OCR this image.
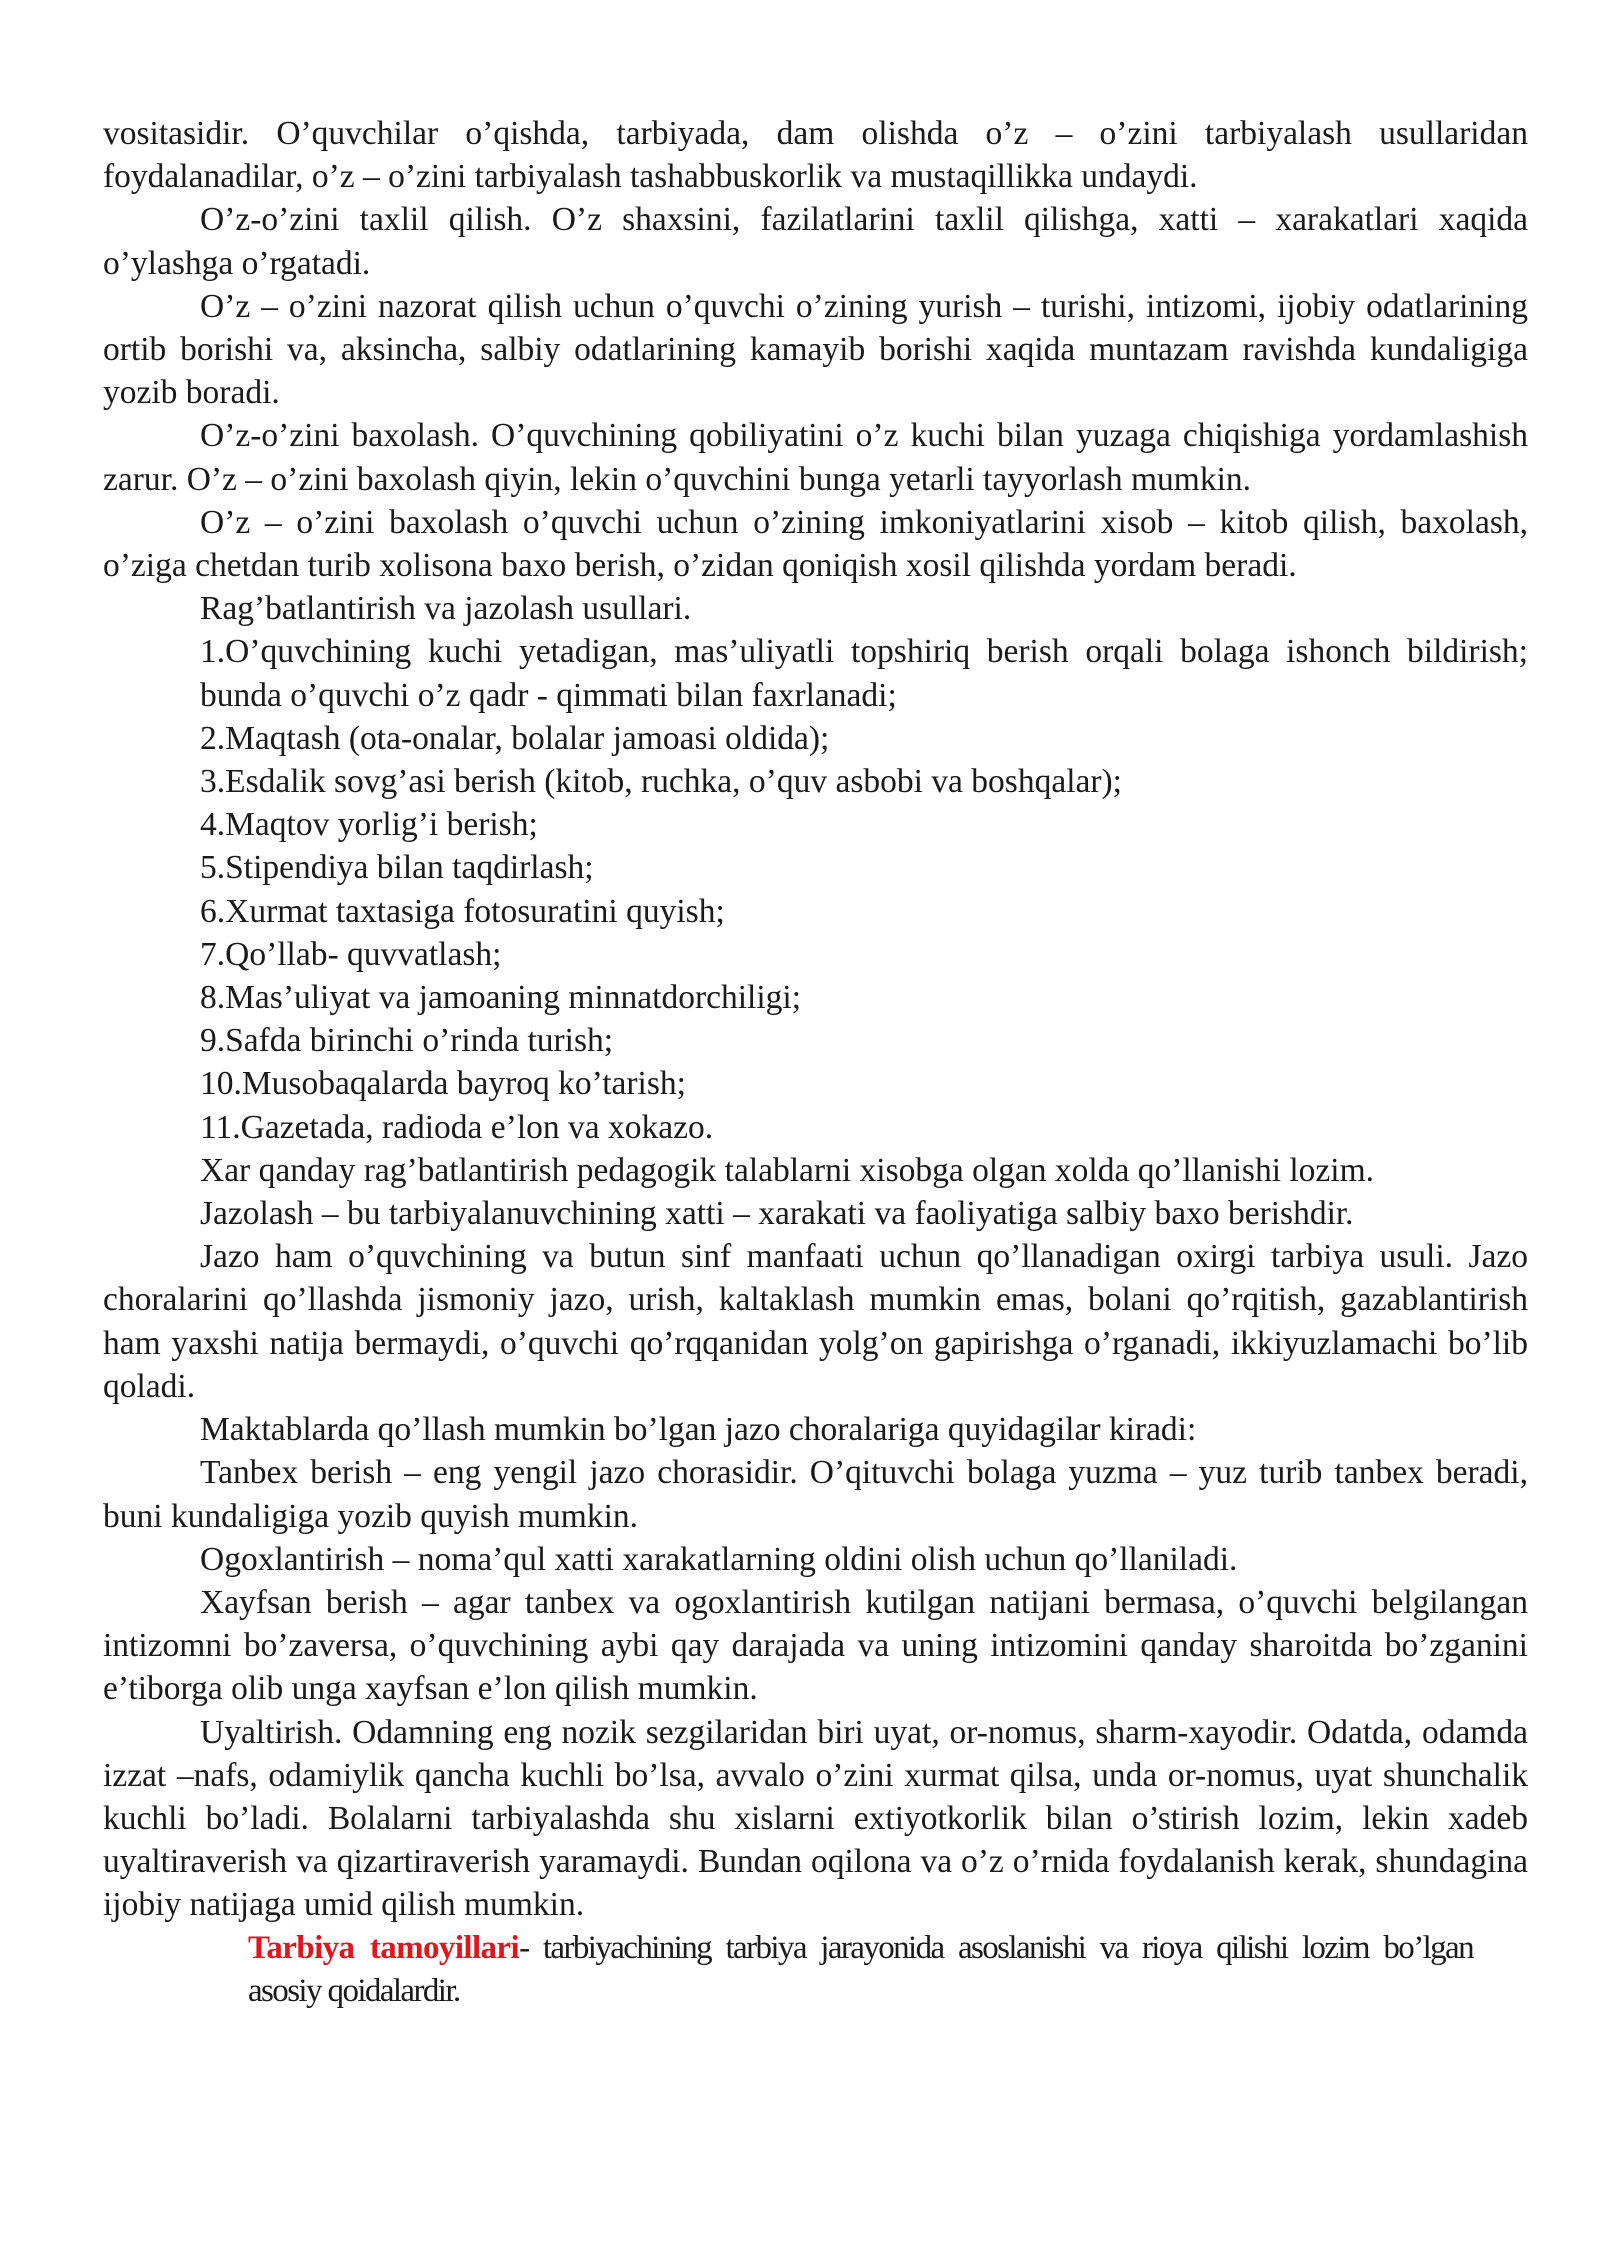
vositasidir. O’quvchilar o’qishda, tarbiyada, dam olishda o’z – o’zini tarbiyalash usullaridan foydalanadilar, o’z – o’zini tarbiyalash tashabbuskorlik va mustaqillikka undaydi.

O’z-o’zini taxlil qilish. O’z shaxsini, fazilatlarini taxlil qilishga, xatti – xarakatlari xaqida o’ylashga o’rgatadi.

O’z – o’zini nazorat qilish uchun o’quvchi o’zining yurish – turishi, intizomi, ijobiy odatlarining ortib borishi va, aksincha, salbiy odatlarining kamayib borishi xaqida muntazam ravishda kundaligiga yozib boradi.

O’z-o’zini baxolash. O’quvchining qobiliyatini o’z kuchi bilan yuzaga chiqishiga yordamlashish zarur. O’z – o’zini baxolash qiyin, lekin o’quvchini bunga yetarli tayyorlash mumkin.

O’z – o’zini baxolash o’quvchi uchun o’zining imkoniyatlarini xisob – kitob qilish, baxolash, o’ziga chetdan turib xolisona baxo berish, o’zidan qoniqish xosil qilishda yordam beradi.

Rag’batlantirish va jazolash usullari.

1.O’quvchining kuchi yetadigan, mas’uliyatli topshiriq berish orqali bolaga ishonch bildirish; bunda o’quvchi o’z qadr - qimmati bilan faxrlanadi;
2.Maqtash (ota-onalar, bolalar jamoasi oldida);
3.Esdalik sovg’asi berish (kitob, ruchka, o’quv asbobi va boshqalar);
4.Maqtov yorlig’i berish;
5.Stipendiya bilan taqdirlash;
6.Xurmat taxtasiga fotosuratini quyish;
7.Qo’llab- quvvatlash;
8.Mas’uliyat va jamoaning minnatdorchiligi;
9.Safda birinchi o’rinda turish;
10.Musobaqalarda bayroq ko’tarish;
11.Gazetada, radioda e’lon va xokazo.

Xar qanday rag’batlantirish pedagogik talablarni xisobga olgan xolda qo’llanishi lozim.

Jazolash – bu tarbiyalanuvchining xatti – xarakati va faoliyatiga salbiy baxo berishdir.

Jazo ham o’quvchining va butun sinf manfaati uchun qo’llanadigan oxirgi tarbiya usuli. Jazo choralarini qo’llashda jismoniy jazo, urish, kaltaklash mumkin emas, bolani qo’rqitish, gazablantirish ham yaxshi natija bermaydi, o’quvchi qo’rqqanidan yolg’on gapirishga o’rganadi, ikkiyuzlamachi bo’lib qoladi.

Maktablarda qo’llash mumkin bo’lgan jazo choralariga quyidagilar kiradi:

Tanbex berish – eng yengil jazo chorasidir. O’qituvchi bolaga yuzma – yuz turib tanbex beradi, buni kundaligiga yozib quyish mumkin.

Ogoxlantirish – noma’qul xatti xarakatlarning oldini olish uchun qo’llaniladi.

Xayfsan berish – agar tanbex va ogoxlantirish kutilgan natijani bermasa, o’quvchi belgilangan intizomni bo’zaversa, o’quvchining aybi qay darajada va uning intizomini qanday sharoitda bo’zganini e’tiborga olib unga xayfsan e’lon qilish mumkin.

Uyaltirish. Odamning eng nozik sezgilaridan biri uyat, or-nomus, sharm-xayodir. Odatda, odamda izzat –nafs, odamiylik qancha kuchli bo’lsa, avvalo o’zini xurmat qilsa, unda or-nomus, uyat shunchalik kuchli bo’ladi. Bolalarni tarbiyalashda shu xislarni extiyotkorlik bilan o’stirish lozim, lekin xadeb uyaltiraverish va qizartiraverish yaramaydi. Bundan oqilona va o’z o’rnida foydalanish kerak, shundagina ijobiy natijaga umid qilish mumkin.

Tarbiya tamoyillari- tarbiyachining tarbiya jarayonida asoslanishi va rioya qilishi lozim bo’lgan asosiy qoidalardir.
